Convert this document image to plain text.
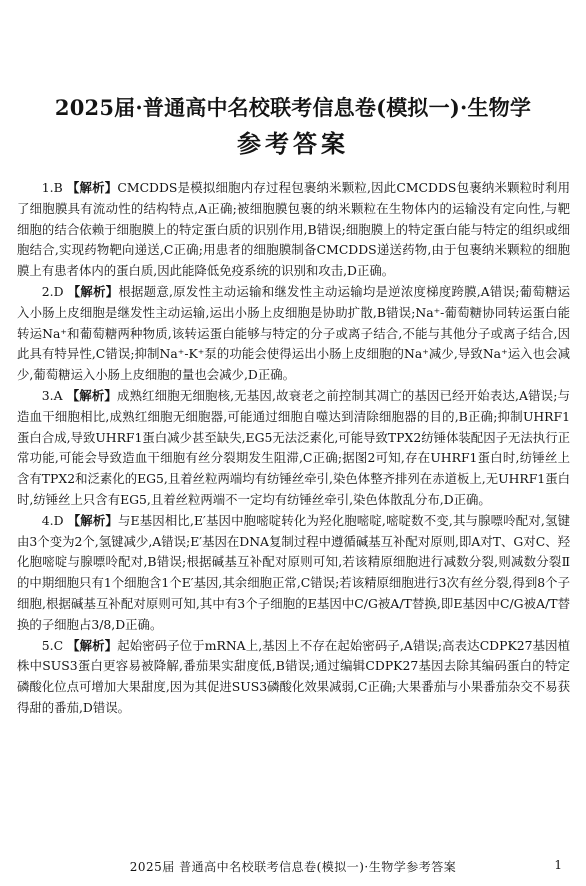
2025届·普通高中名校联考信息卷(模拟一)·生物学
参考答案

1.B 【解析】CMCDDS是模拟细胞内存过程包裹纳米颗粒,因此CMCDDS包裹纳米颗粒时利用了细胞膜具有流动性的结构特点,A正确;被细胞膜包裹的纳米颗粒在生物体内的运输没有定向性,与靶细胞的结合依赖于细胞膜上的特定蛋白质的识别作用,B错误;细胞膜上的特定蛋白能与特定的组织或细胞结合,实现药物靶向递送,C正确;用患者的细胞膜制备CMCDDS递送药物,由于包裹纳米颗粒的细胞膜上有患者体内的蛋白质,因此能降低免疫系统的识别和攻击,D正确。

2.D 【解析】根据题意,原发性主动运输和继发性主动运输均是逆浓度梯度跨膜,A错误;葡萄糖运入小肠上皮细胞是继发性主动运输,运出小肠上皮细胞是协助扩散,B错误;Na⁺-葡萄糖协同转运蛋白能转运Na⁺和葡萄糖两种物质,该转运蛋白能够与特定的分子或离子结合,不能与其他分子或离子结合,因此具有特异性,C错误;抑制Na⁺-K⁺泵的功能会使得运出小肠上皮细胞的Na⁺减少,导致Na⁺运入也会减少,葡萄糖运入小肠上皮细胞的量也会减少,D正确。

3.A 【解析】成熟红细胞无细胞核,无基因,故衰老之前控制其凋亡的基因已经开始表达,A错误;与造血干细胞相比,成熟红细胞无细胞器,可能通过细胞自噬达到清除细胞器的目的,B正确;抑制UHRF1蛋白合成,导致UHRF1蛋白减少甚至缺失,EG5无法泛素化,可能导致TPX2纺锤体装配因子无法执行正常功能,可能会导致造血干细胞有丝分裂期发生阻滞,C正确;据图2可知,存在UHRF1蛋白时,纺锤丝上含有TPX2和泛素化的EG5,且着丝粒两端均有纺锤丝牵引,染色体整齐排列在赤道板上,无UHRF1蛋白时,纺锤丝上只含有EG5,且着丝粒两端不一定均有纺锤丝牵引,染色体散乱分布,D正确。

4.D 【解析】与E基因相比,E′基因中胞嘧啶转化为羟化胞嘧啶,嘧啶数不变,其与腺嘌呤配对,氢键由3个变为2个,氢键减少,A错误;E′基因在DNA复制过程中遵循碱基互补配对原则,即A对T、G对C、羟化胞嘧啶与腺嘌呤配对,B错误;根据碱基互补配对原则可知,若该精原细胞进行减数分裂,则减数分裂Ⅱ的中期细胞只有1个细胞含1个E′基因,其余细胞正常,C错误;若该精原细胞进行3次有丝分裂,得到8个子细胞,根据碱基互补配对原则可知,其中有3个子细胞的E基因中C/G被A/T替换,即E基因中C/G被A/T替换的子细胞占3/8,D正确。

5.C 【解析】起始密码子位于mRNA上,基因上不存在起始密码子,A错误;高表达CDPK27基因植株中SUS3蛋白更容易被降解,番茄果实甜度低,B错误;通过编辑CDPK27基因去除其编码蛋白的特定磷酸化位点可增加大果甜度,因为其促进SUS3磷酸化效果减弱,C正确;大果番茄与小果番茄杂交不易获得甜的番茄,D错误。

2025届 普通高中名校联考信息卷(模拟一)·生物学参考答案	1
